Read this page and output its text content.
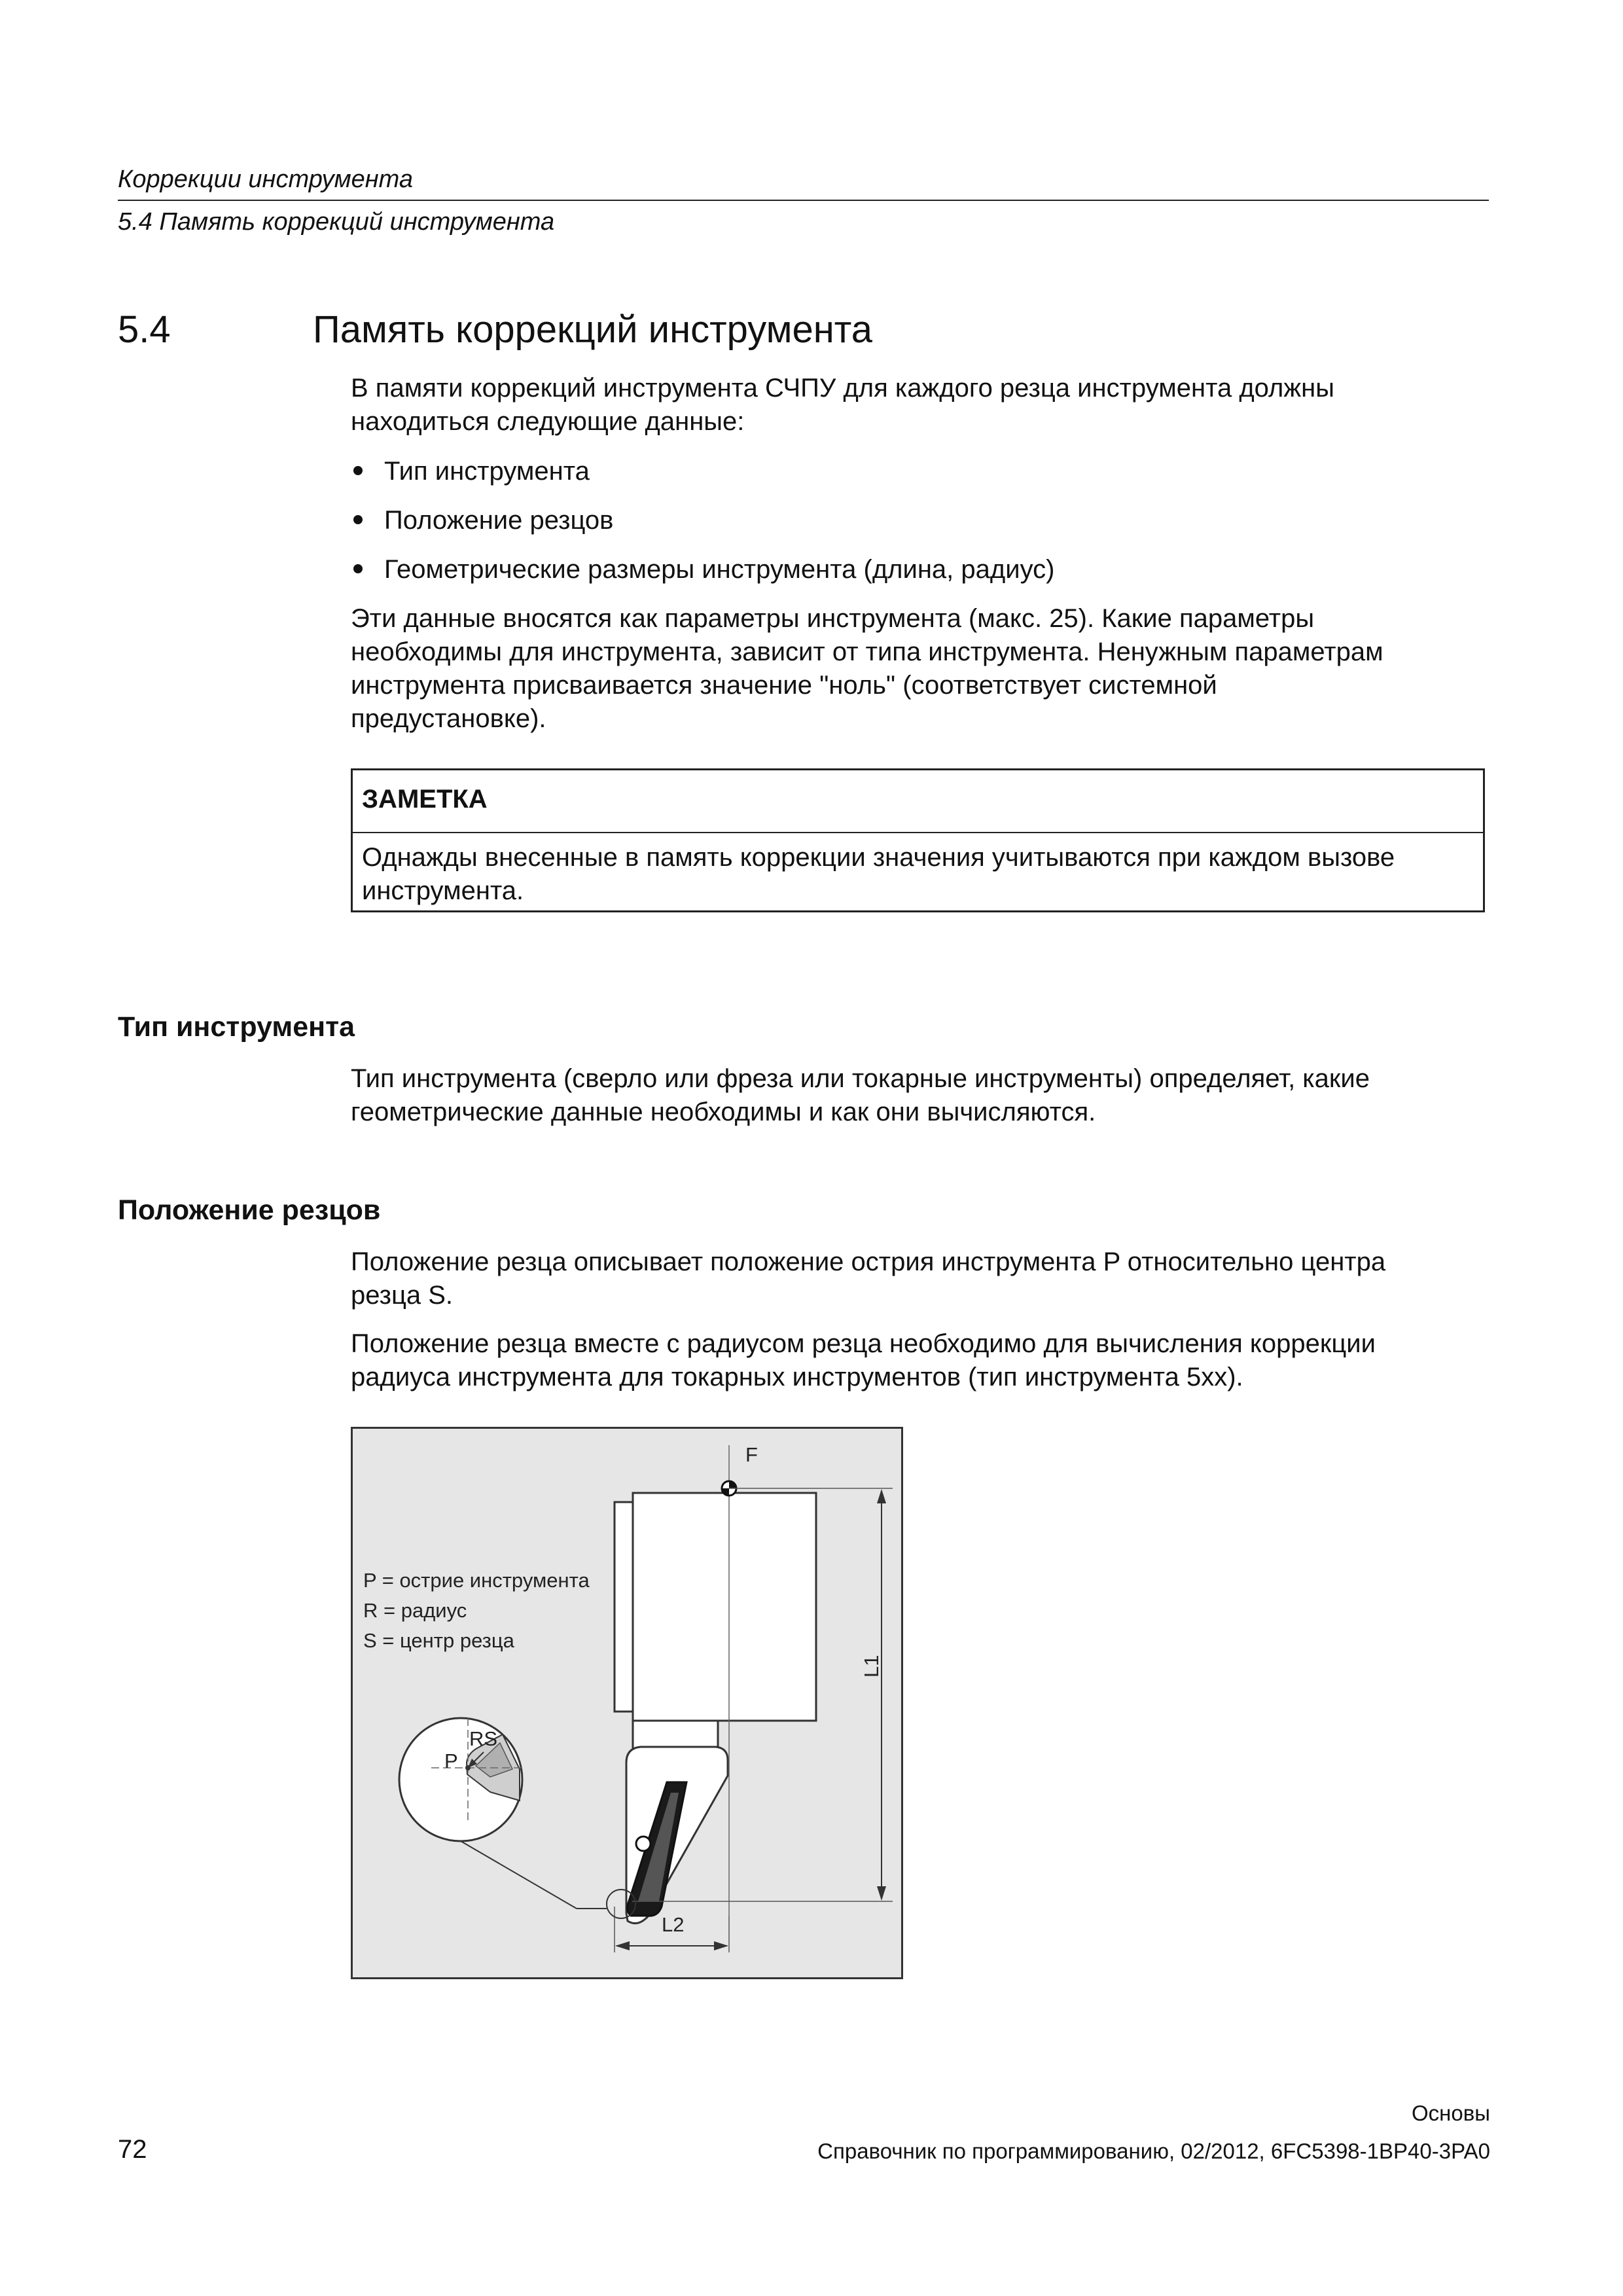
Коррекции инструмента
5.4 Память коррекций инструмента
5.4	Память коррекций инструмента
В памяти коррекций инструмента СЧПУ для каждого резца инструмента должны
находиться следующие данные:
Тип инструмента
Положение резцов
Геометрические размеры инструмента (длина, радиус)
Эти данные вносятся как параметры инструмента (макс. 25). Какие параметры
необходимы для инструмента, зависит от типа инструмента. Ненужным параметрам
инструмента присваивается значение "ноль" (соответствует системной
предустановке).
ЗАМЕТКА
Однажды внесенные в память коррекции значения учитываются при каждом вызове
инструмента.
Тип инструмента
Тип инструмента (сверло или фреза или токарные инструменты) определяет, какие
геометрические данные необходимы и как они вычисляются.
Положение резцов
Положение резца описывает положение острия инструмента P относительно центра
резца S.
Положение резца вместе с радиусом резца необходимо для вычисления коррекции
радиуса инструмента для токарных инструментов (тип инструмента 5xx).
F
P = острие инструмента
R = радиус
S = центр резца
L1
L2
RS
P
Основы
72	Справочник по программированию, 02/2012, 6FC5398-1BP40-3PA0
